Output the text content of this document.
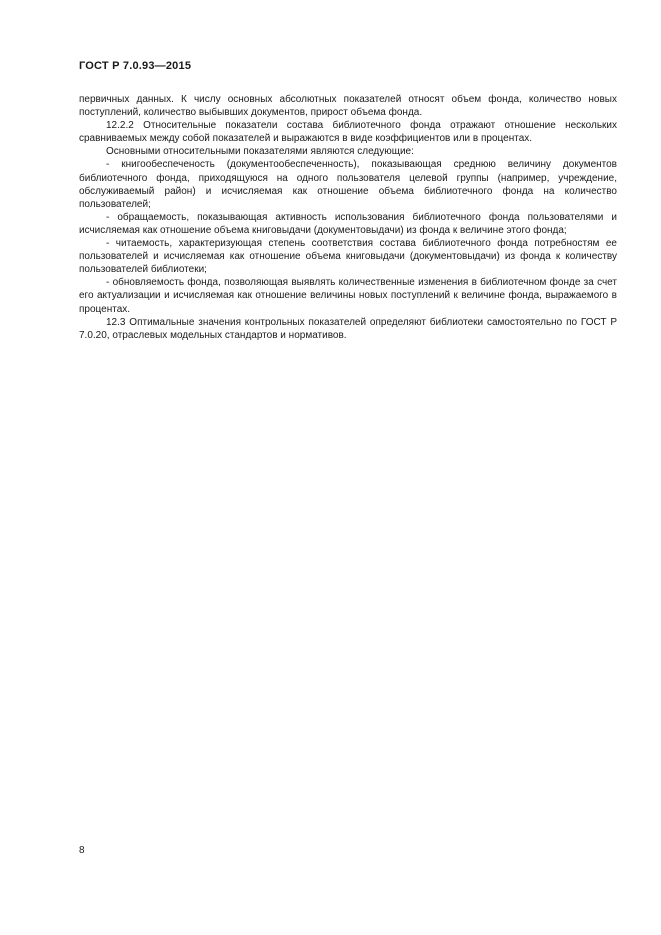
ГОСТ Р 7.0.93—2015

первичных данных. К числу основных абсолютных показателей относят объем фонда, количество новых поступлений, количество выбывших документов, прирост объема фонда.

12.2.2 Относительные показатели состава библиотечного фонда отражают отношение нескольких сравниваемых между собой показателей и выражаются в виде коэффициентов или в процентах.

Основными относительными показателями являются следующие:

- книгообеспеченость (документообеспеченность), показывающая среднюю величину документов библиотечного фонда, приходящуюся на одного пользователя целевой группы (например, учреждение, обслуживаемый район) и исчисляемая как отношение объема библиотечного фонда на количество пользователей;

- обращаемость, показывающая активность использования библиотечного фонда пользователями и исчисляемая как отношение объема книговыдачи (документовыдачи) из фонда к величине этого фонда;

- читаемость, характеризующая степень соответствия состава библиотечного фонда потребностям ее пользователей и исчисляемая как отношение объема книговыдачи (документовыдачи) из фонда к количеству пользователей библиотеки;

- обновляемость фонда, позволяющая выявлять количественные изменения в библиотечном фонде за счет его актуализации и исчисляемая как отношение величины новых поступлений к величине фонда, выражаемого в процентах.

12.3 Оптимальные значения контрольных показателей определяют библиотеки самостоятельно по ГОСТ Р 7.0.20, отраслевых модельных стандартов и нормативов.

8
